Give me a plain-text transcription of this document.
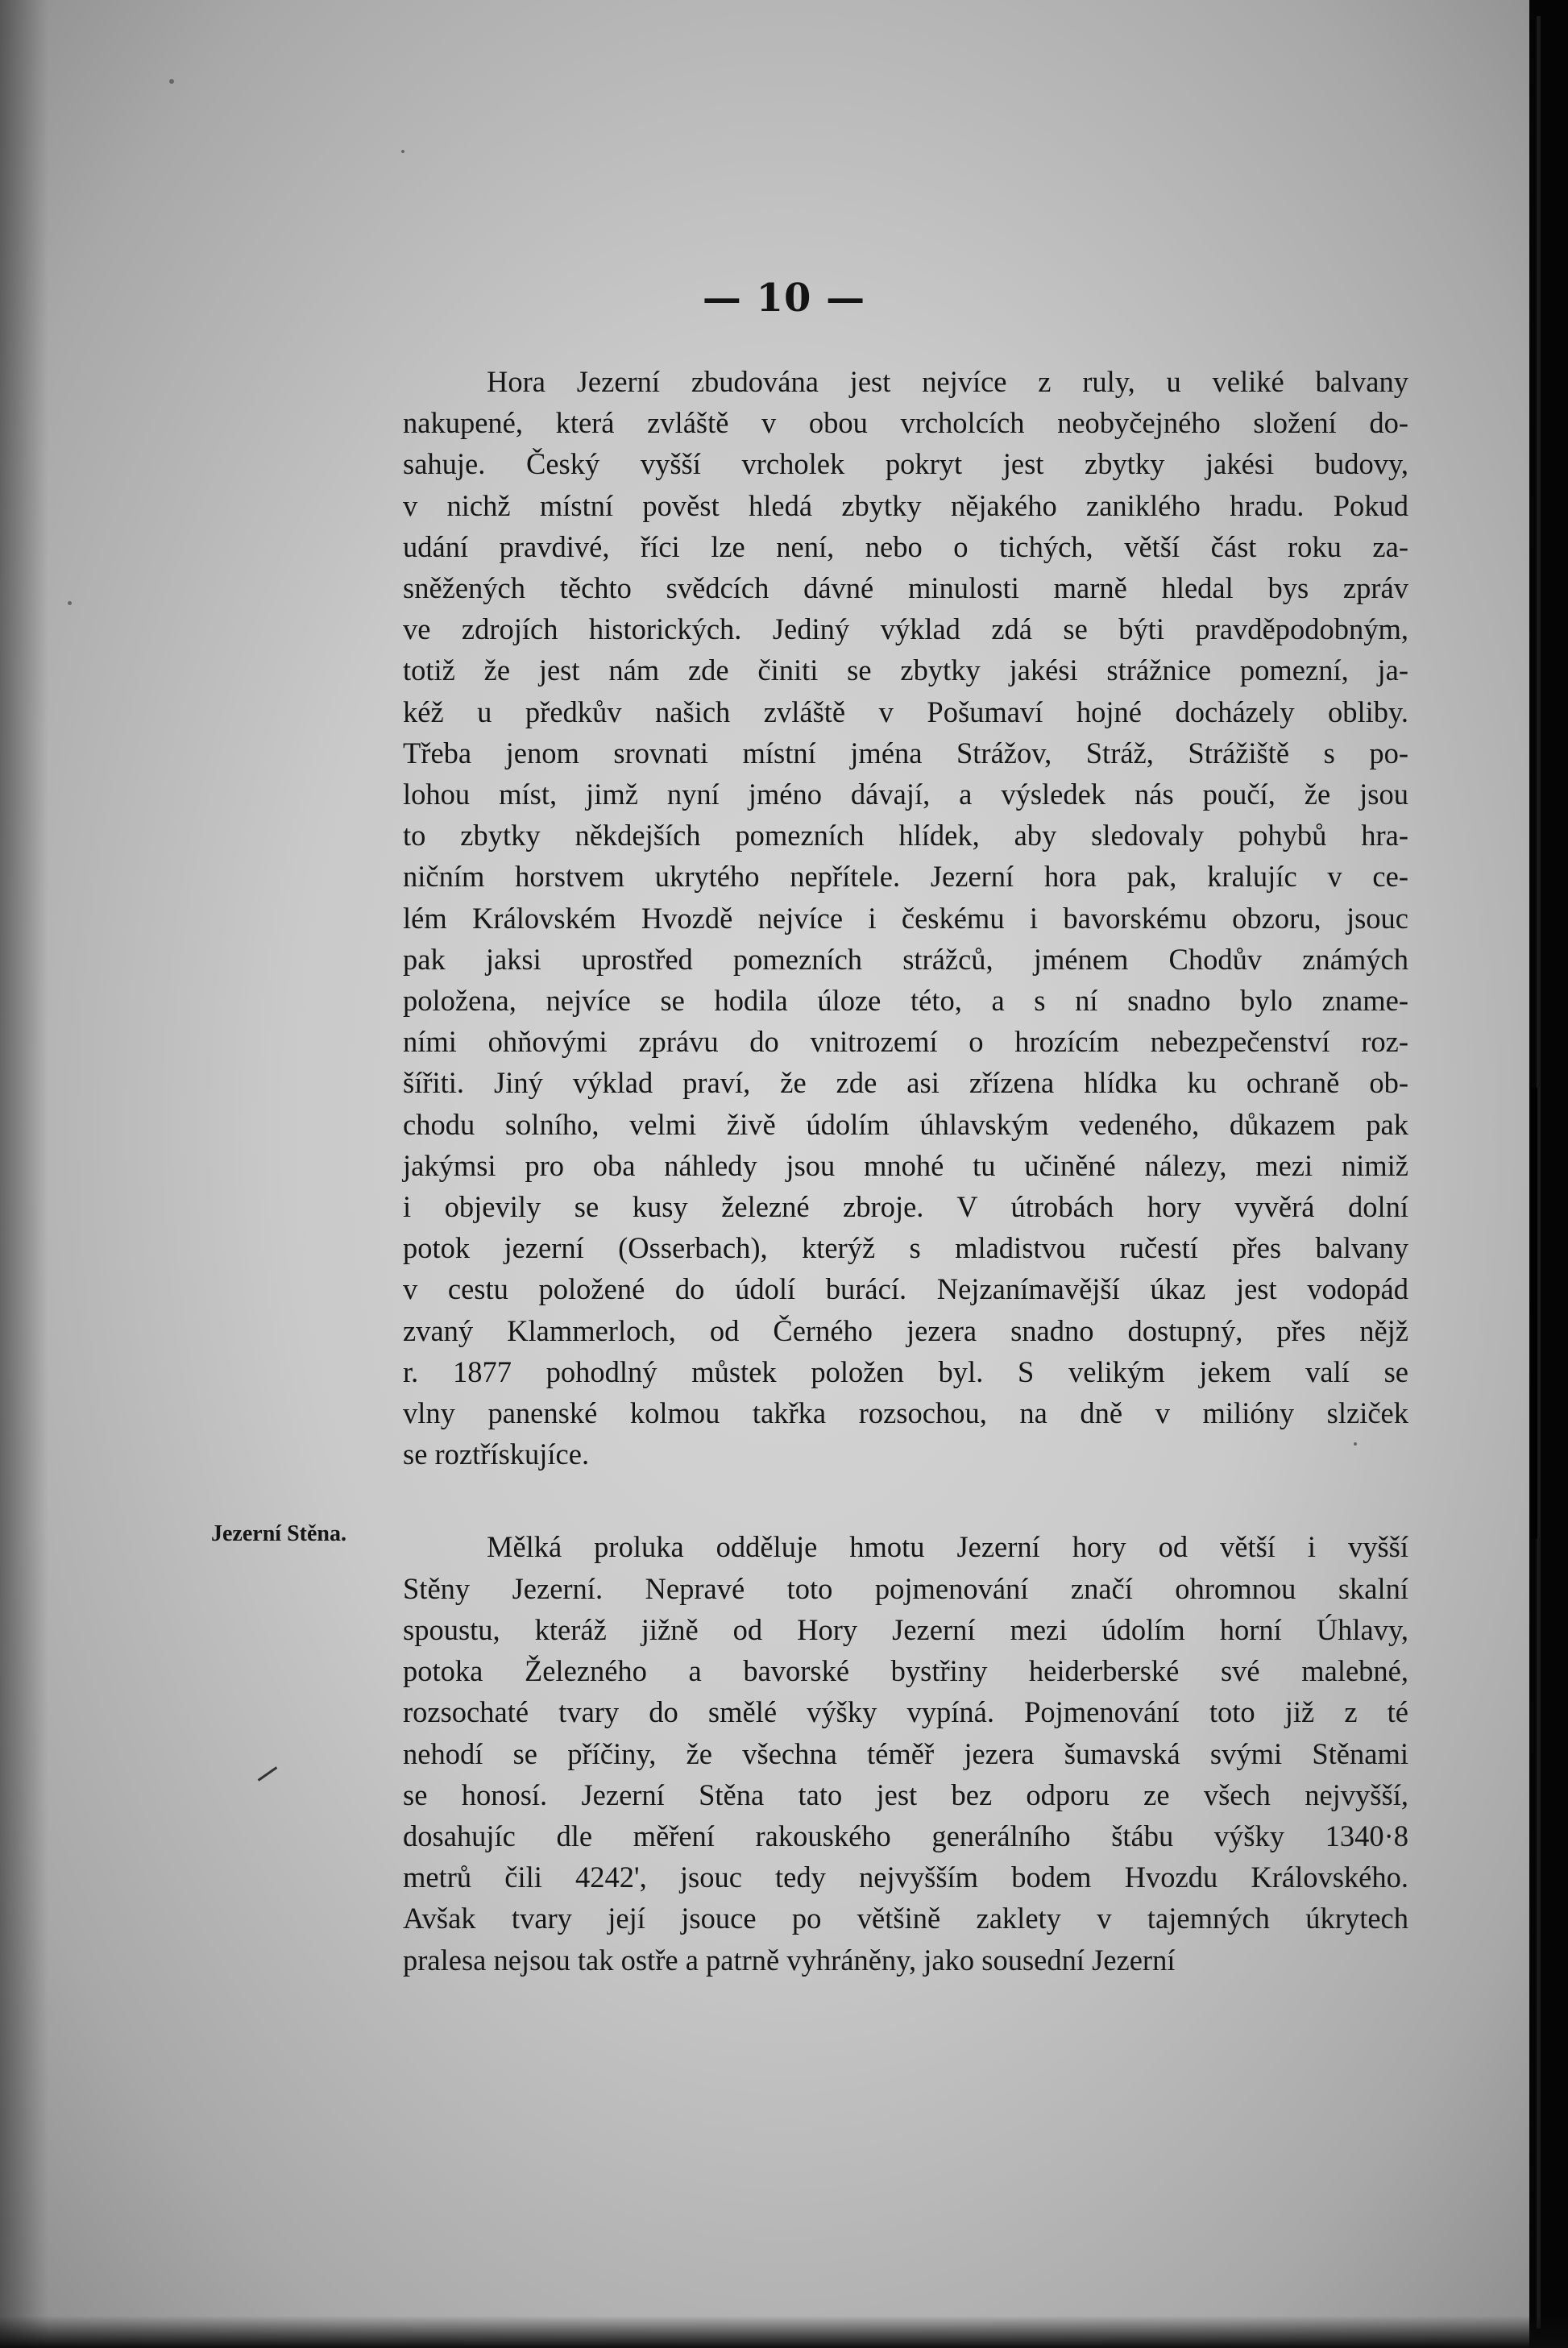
— 10 —
Jezerní Stěna.
Hora Jezerní zbudována jest nejvíce z ruly, u veliké balvany
nakupené, která zvláště v obou vrcholcích neobyčejného složení do-
sahuje. Český vyšší vrcholek pokryt jest zbytky jakési budovy,
v nichž místní pověst hledá zbytky nějakého zaniklého hradu. Pokud
udání pravdivé, říci lze není, nebo o tichých, větší část roku za-
sněžených těchto svědcích dávné minulosti marně hledal bys zpráv
ve zdrojích historických. Jediný výklad zdá se býti pravděpodobným,
totiž že jest nám zde činiti se zbytky jakési strážnice pomezní, ja-
kéž u předkův našich zvláště v Pošumaví hojné docházely obliby.
Třeba jenom srovnati místní jména Strážov, Stráž, Strážiště s po-
lohou míst, jimž nyní jméno dávají, a výsledek nás poučí, že jsou
to zbytky někdejších pomezních hlídek, aby sledovaly pohybů hra-
ničním horstvem ukrytého nepřítele. Jezerní hora pak, kralujíc v ce-
lém Královském Hvozdě nejvíce i českému i bavorskému obzoru, jsouc
pak jaksi uprostřed pomezních strážců, jménem Chodův známých
položena, nejvíce se hodila úloze této, a s ní snadno bylo zname-
ními ohňovými zprávu do vnitrozemí o hrozícím nebezpečenství roz-
šířiti. Jiný výklad praví, že zde asi zřízena hlídka ku ochraně ob-
chodu solního, velmi živě údolím úhlavským vedeného, důkazem pak
jakýmsi pro oba náhledy jsou mnohé tu učiněné nálezy, mezi nimiž
i objevily se kusy železné zbroje. V útrobách hory vyvěrá dolní
potok jezerní (Osserbach), kterýž s mladistvou ručestí přes balvany
v cestu položené do údolí burácí. Nejzanímavější úkaz jest vodopád
zvaný Klammerloch, od Černého jezera snadno dostupný, přes nějž
r. 1877 pohodlný můstek položen byl. S velikým jekem valí se
vlny panenské kolmou takřka rozsochou, na dně v milióny slziček
se roztřískujíce.
Mělká proluka odděluje hmotu Jezerní hory od větší i vyšší
Stěny Jezerní. Nepravé toto pojmenování značí ohromnou skalní
spoustu, kteráž jižně od Hory Jezerní mezi údolím horní Úhlavy,
potoka Železného a bavorské bystřiny heiderberské své malebné,
rozsochaté tvary do smělé výšky vypíná. Pojmenování toto již z té
nehodí se příčiny, že všechna téměř jezera šumavská svými Stěnami
se honosí. Jezerní Stěna tato jest bez odporu ze všech nejvyšší,
dosahujíc dle měření rakouského generálního štábu výšky 1340·8
metrů čili 4242', jsouc tedy nejvyšším bodem Hvozdu Královského.
Avšak tvary její jsouce po většině zaklety v tajemných úkrytech
pralesa nejsou tak ostře a patrně vyhráněny, jako sousední Jezerní
